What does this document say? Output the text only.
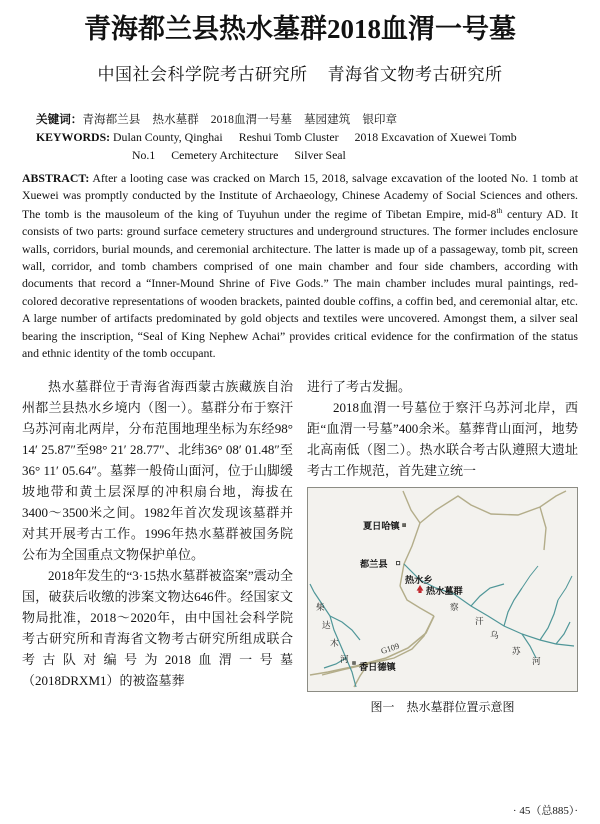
青海都兰县热水墓群2018血渭一号墓
中国社会科学院考古研究所 青海省文物考古研究所
关键词：青海都兰县 热水墓群 2018血渭一号墓 墓园建筑 银印章
KEYWORDS: Dulan County, Qinghai Reshui Tomb Cluster 2018 Excavation of Xuewei Tomb
No.1 Cemetery Architecture Silver Seal
ABSTRACT: After a looting case was cracked on March 15, 2018, salvage excavation of the looted No. 1 tomb at Xuewei was promptly conducted by the Institute of Archaeology, Chinese Academy of Social Sciences and others. The tomb is the mausoleum of the king of Tuyuhun under the regime of Tibetan Empire, mid-8th century AD. It consists of two parts: ground surface cemetery structures and underground structures. The former includes enclosure walls, corridors, burial mounds, and ceremonial architecture. The latter is made up of a passageway, tomb pit, screen wall, corridor, and tomb chambers comprised of one main chamber and four side chambers, according with documents that record a “Inner-Mound Shrine of Five Gods.” The main chamber includes mural paintings, red-colored decorative representations of wooden brackets, painted double coffins, a coffin bed, and ceremonial altar, etc. A large number of artifacts predominated by gold objects and textiles were uncovered. Amongst them, a silver seal bearing the inscription, “Seal of King Nephew Achai” provides critical evidence for the confirmation of the status and ethnic identity of the tomb occupant.

热水墓群位于青海省海西蒙古族藏族自治州都兰县热水乡境内（图一）。墓群分布于察汗乌苏河南北两岸，分布范围地理坐标为东经98° 14′ 25.87″至98° 21′ 28.77″、北纬36° 08′ 01.48″至36° 11′ 05.64″。墓葬一般倚山面河，位于山脚缓坡地带和黄土层深厚的冲积扇台地，海拔在3400～3500米之间。1982年首次发现该墓群并对其开展考古工作。1996年热水墓群被国务院公布为全国重点文物保护单位。

2018年发生的“3·15热水墓群被盗案”震动全国，破获后收缴的涉案文物达646件。经国家文物局批准，2018～2020年，由中国社会科学院考古研究所和青海省文物考古研究所组成联合考古队对编号为2018血渭一号墓（2018DRXM1）的被盗墓葬

进行了考古发掘。

2018血渭一号墓位于察汗乌苏河北岸，西距“血渭一号墓”400余米。墓葬背山面河，地势北高南低（图二）。热水联合考古队遵照大遗址考古工作规范，首先建立统一

夏日哈镇
都兰县
热水乡
热水墓群
香日德镇
察
汗
乌
苏
河
柴
达
木
河
G109
图一 热水墓群位置示意图
· 45（总885）·
